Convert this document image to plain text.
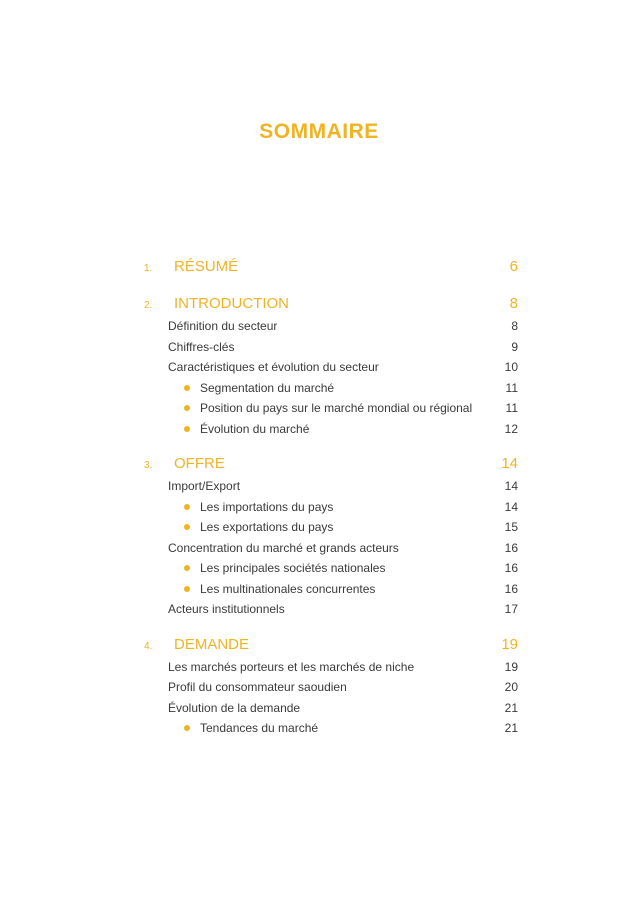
SOMMAIRE
1.	RÉSUMÉ	6
2.	INTRODUCTION	8
Définition du secteur	8
Chiffres-clés	9
Caractéristiques et évolution du secteur	10
Segmentation du marché	11
Position du pays sur le marché mondial ou régional	11
Évolution du marché	12
3.	OFFRE	14
Import/Export	14
Les importations du pays	14
Les exportations du pays	15
Concentration du marché et grands acteurs	16
Les principales sociétés nationales	16
Les multinationales concurrentes	16
Acteurs institutionnels	17
4.	DEMANDE	19
Les marchés porteurs et les marchés de niche	19
Profil du consommateur saoudien	20
Évolution de la demande	21
Tendances du marché	21
